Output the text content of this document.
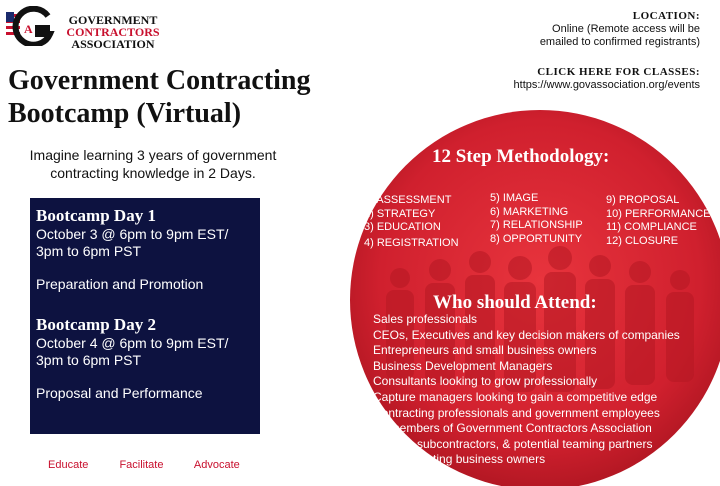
A
GOVERNMENT
CONTRACTORS
ASSOCIATION
Government Contracting
Bootcamp (Virtual)
Imagine learning 3 years of government
contracting knowledge in 2 Days.
Bootcamp Day 1
October 3 @ 6pm to 9pm EST/
3pm to 6pm PST
Preparation and Promotion
Bootcamp Day 2
October 4 @ 6pm to 9pm EST/
3pm to 6pm PST
Proposal and Performance
Educate	Facilitate	Advocate
LOCATION:
Online (Remote access will be
emailed to confirmed registrants)
CLICK HERE FOR CLASSES:
https://www.govassociation.org/events
12 Step Methodology:
1) ASSESSMENT
2) STRATEGY
3) EDUCATION
4) REGISTRATION
5) IMAGE
6) MARKETING
7) RELATIONSHIP
8) OPPORTUNITY
9) PROPOSAL
10) PERFORMANCE
11) COMPLIANCE
12) CLOSURE
Who should Attend:
Sales professionals
CEOs, Executives and key decision makers of companies
Entrepreneurs and small business owners
Business Development Managers
Consultants looking to grow professionally
Capture managers looking to gain a competitive edge
Contracting professionals and government employees
All members of Government Contractors Association
Primes, subcontractors, & potential teaming partners
New & existing business owners
